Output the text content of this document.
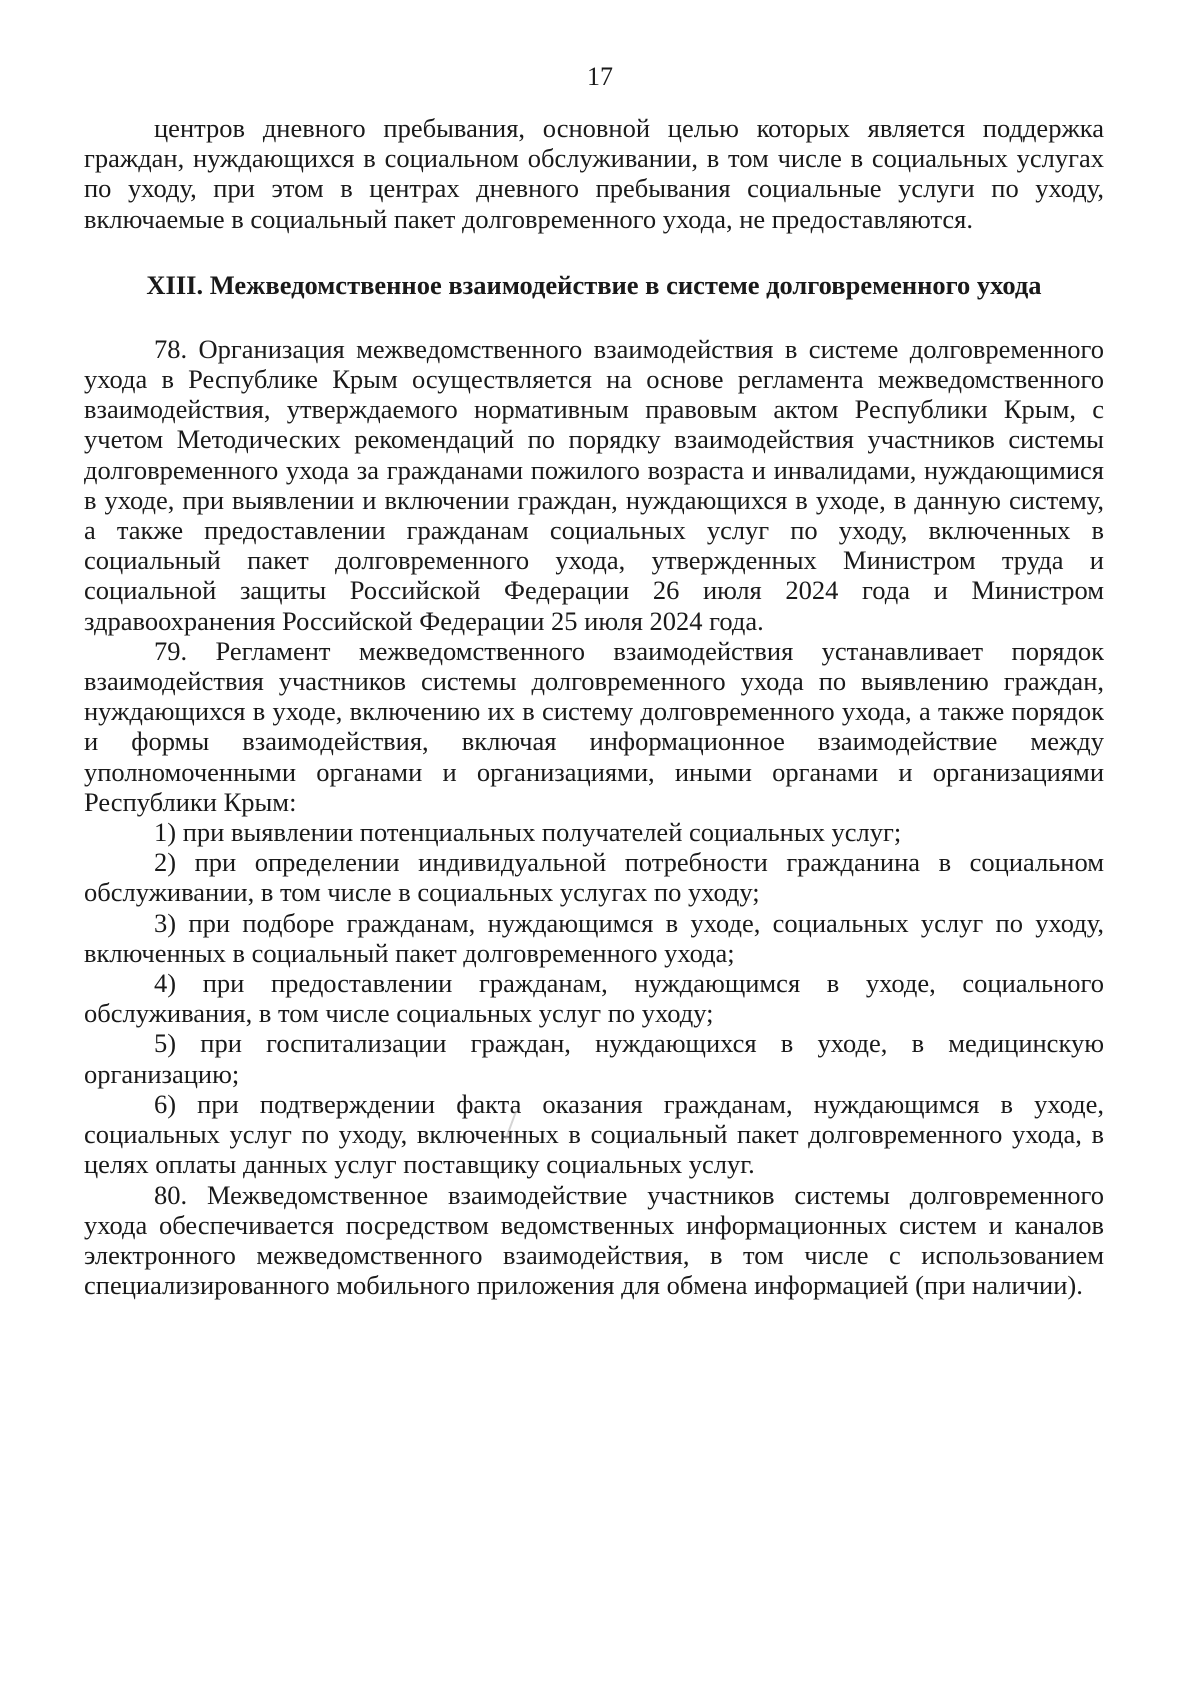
17

центров дневного пребывания, основной целью которых является поддержка граждан, нуждающихся в социальном обслуживании, в том числе в социальных услугах по уходу, при этом в центрах дневного пребывания социальные услуги по уходу, включаемые в социальный пакет долговременного ухода, не предоставляются.

XIII. Межведомственное взаимодействие в системе долговременного ухода

78. Организация межведомственного взаимодействия в системе долговременного ухода в Республике Крым осуществляется на основе регламента межведомственного взаимодействия, утверждаемого нормативным правовым актом Республики Крым, с учетом Методических рекомендаций по порядку взаимодействия участников системы долговременного ухода за гражданами пожилого возраста и инвалидами, нуждающимися в уходе, при выявлении и включении граждан, нуждающихся в уходе, в данную систему, а также предоставлении гражданам социальных услуг по уходу, включенных в социальный пакет долговременного ухода, утвержденных Министром труда и социальной защиты Российской Федерации 26 июля 2024 года и Министром здравоохранения Российской Федерации 25 июля 2024 года.

79. Регламент межведомственного взаимодействия устанавливает порядок взаимодействия участников системы долговременного ухода по выявлению граждан, нуждающихся в уходе, включению их в систему долговременного ухода, а также порядок и формы взаимодействия, включая информационное взаимодействие между уполномоченными органами и организациями, иными органами и организациями Республики Крым:

1) при выявлении потенциальных получателей социальных услуг;

2) при определении индивидуальной потребности гражданина в социальном обслуживании, в том числе в социальных услугах по уходу;

3) при подборе гражданам, нуждающимся в уходе, социальных услуг по уходу, включенных в социальный пакет долговременного ухода;

4) при предоставлении гражданам, нуждающимся в уходе, социального обслуживания, в том числе социальных услуг по уходу;

5) при госпитализации граждан, нуждающихся в уходе, в медицинскую организацию;

6) при подтверждении факта оказания гражданам, нуждающимся в уходе, социальных услуг по уходу, включенных в социальный пакет долговременного ухода, в целях оплаты данных услуг поставщику социальных услуг.

80. Межведомственное взаимодействие участников системы долговременного ухода обеспечивается посредством ведомственных информационных систем и каналов электронного межведомственного взаимодействия, в том числе с использованием специализированного мобильного приложения для обмена информацией (при наличии).
